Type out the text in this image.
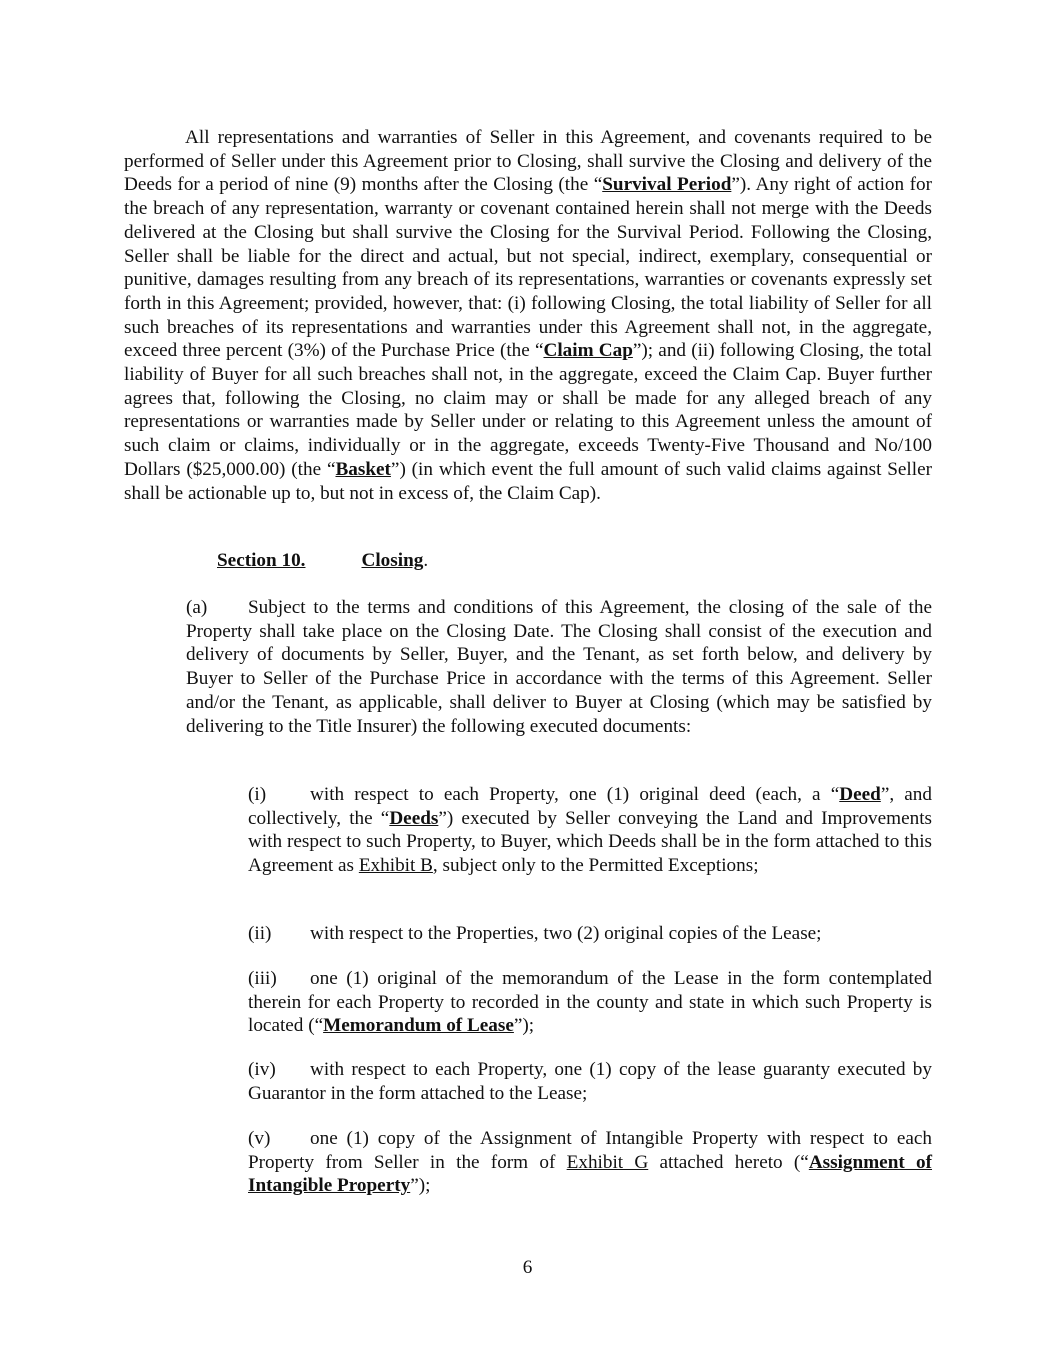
All representations and warranties of Seller in this Agreement, and covenants required to be performed of Seller under this Agreement prior to Closing, shall survive the Closing and delivery of the Deeds for a period of nine (9) months after the Closing (the “Survival Period”). Any right of action for the breach of any representation, warranty or covenant contained herein shall not merge with the Deeds delivered at the Closing but shall survive the Closing for the Survival Period. Following the Closing, Seller shall be liable for the direct and actual, but not special, indirect, exemplary, consequential or punitive, damages resulting from any breach of its representations, warranties or covenants expressly set forth in this Agreement; provided, however, that: (i) following Closing, the total liability of Seller for all such breaches of its representations and warranties under this Agreement shall not, in the aggregate, exceed three percent (3%) of the Purchase Price (the “Claim Cap”); and (ii) following Closing, the total liability of Buyer for all such breaches shall not, in the aggregate, exceed the Claim Cap. Buyer further agrees that, following the Closing, no claim may or shall be made for any alleged breach of any representations or warranties made by Seller under or relating to this Agreement unless the amount of such claim or claims, individually or in the aggregate, exceeds Twenty-Five Thousand and No/100 Dollars ($25,000.00) (the “Basket”) (in which event the full amount of such valid claims against Seller shall be actionable up to, but not in excess of, the Claim Cap).

Section 10.	Closing.

(a) Subject to the terms and conditions of this Agreement, the closing of the sale of the Property shall take place on the Closing Date. The Closing shall consist of the execution and delivery of documents by Seller, Buyer, and the Tenant, as set forth below, and delivery by Buyer to Seller of the Purchase Price in accordance with the terms of this Agreement. Seller and/or the Tenant, as applicable, shall deliver to Buyer at Closing (which may be satisfied by delivering to the Title Insurer) the following executed documents:

(i) with respect to each Property, one (1) original deed (each, a “Deed”, and collectively, the “Deeds”) executed by Seller conveying the Land and Improvements with respect to such Property, to Buyer, which Deeds shall be in the form attached to this Agreement as Exhibit B, subject only to the Permitted Exceptions;

(ii) with respect to the Properties, two (2) original copies of the Lease;

(iii) one (1) original of the memorandum of the Lease in the form contemplated therein for each Property to recorded in the county and state in which such Property is located (“Memorandum of Lease”);

(iv) with respect to each Property, one (1) copy of the lease guaranty executed by Guarantor in the form attached to the Lease;

(v) one (1) copy of the Assignment of Intangible Property with respect to each Property from Seller in the form of Exhibit G attached hereto (“Assignment of Intangible Property”);

6
